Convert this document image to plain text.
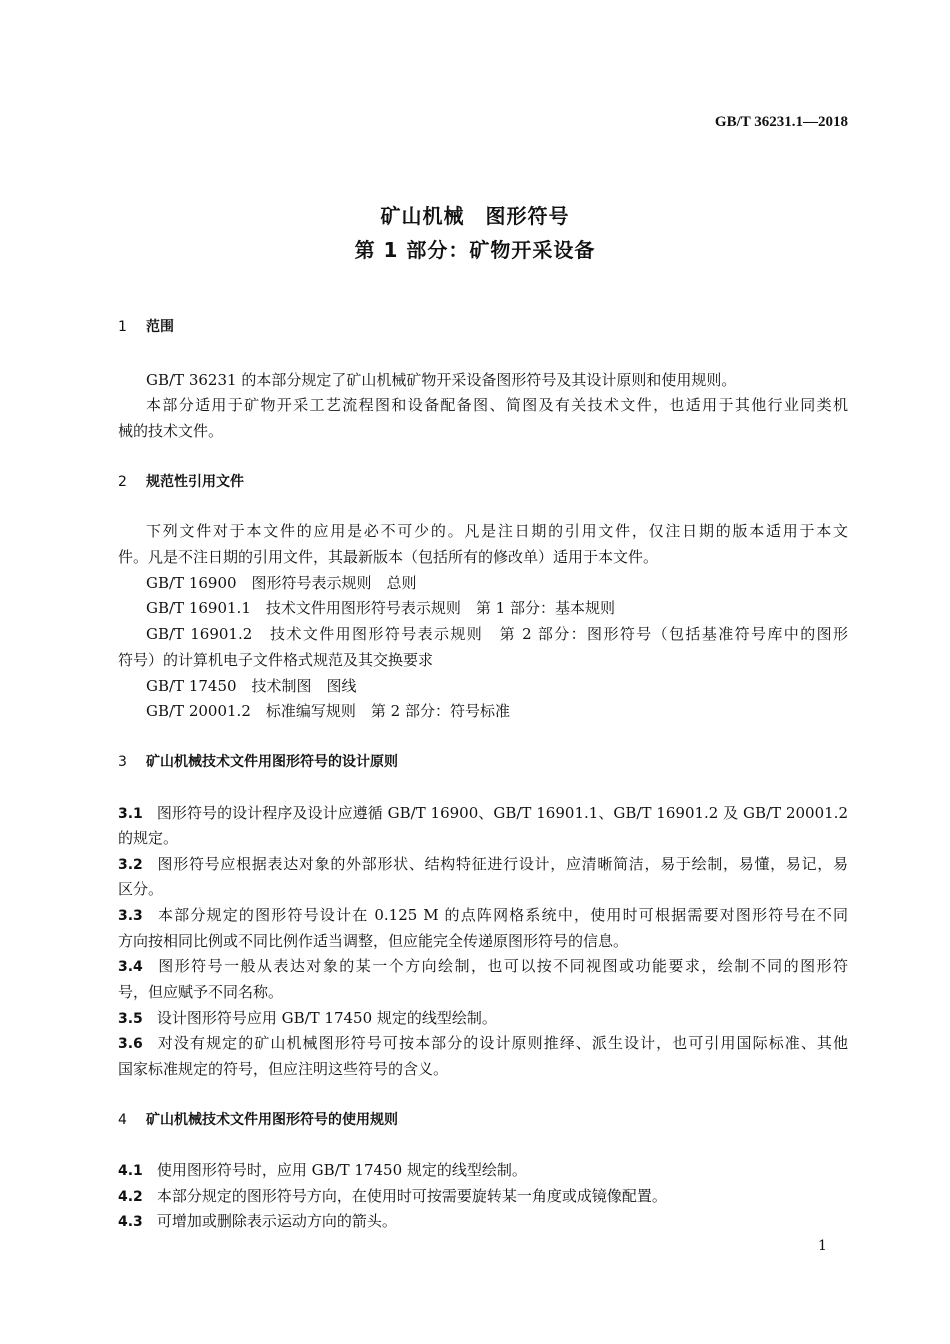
GB/T 36231.1—2018
矿山机械　图形符号
第 1 部分：矿物开采设备
1 范围
GB/T 36231 的本部分规定了矿山机械矿物开采设备图形符号及其设计原则和使用规则。
本部分适用于矿物开采工艺流程图和设备配备图、简图及有关技术文件，也适用于其他行业同类机
械的技术文件。
2 规范性引用文件
下列文件对于本文件的应用是必不可少的。凡是注日期的引用文件，仅注日期的版本适用于本文
件。凡是不注日期的引用文件，其最新版本（包括所有的修改单）适用于本文件。
GB/T 16900　图形符号表示规则　总则
GB/T 16901.1　技术文件用图形符号表示规则　第 1 部分：基本规则
GB/T 16901.2　技术文件用图形符号表示规则　第 2 部分：图形符号（包括基准符号库中的图形
符号）的计算机电子文件格式规范及其交换要求
GB/T 17450　技术制图　图线
GB/T 20001.2　标准编写规则　第 2 部分：符号标准
3 矿山机械技术文件用图形符号的设计原则
3.1 图形符号的设计程序及设计应遵循 GB/T 16900、GB/T 16901.1、GB/T 16901.2 及 GB/T 20001.2
的规定。
3.2 图形符号应根据表达对象的外部形状、结构特征进行设计，应清晰简洁，易于绘制，易懂，易记，易
区分。
3.3 本部分规定的图形符号设计在 0.125 M 的点阵网格系统中，使用时可根据需要对图形符号在不同
方向按相同比例或不同比例作适当调整，但应能完全传递原图形符号的信息。
3.4 图形符号一般从表达对象的某一个方向绘制，也可以按不同视图或功能要求，绘制不同的图形符
号，但应赋予不同名称。
3.5 设计图形符号应用 GB/T 17450 规定的线型绘制。
3.6 对没有规定的矿山机械图形符号可按本部分的设计原则推绎、派生设计，也可引用国际标准、其他
国家标准规定的符号，但应注明这些符号的含义。
4 矿山机械技术文件用图形符号的使用规则
4.1 使用图形符号时，应用 GB/T 17450 规定的线型绘制。
4.2 本部分规定的图形符号方向，在使用时可按需要旋转某一角度或成镜像配置。
4.3 可增加或删除表示运动方向的箭头。
1
